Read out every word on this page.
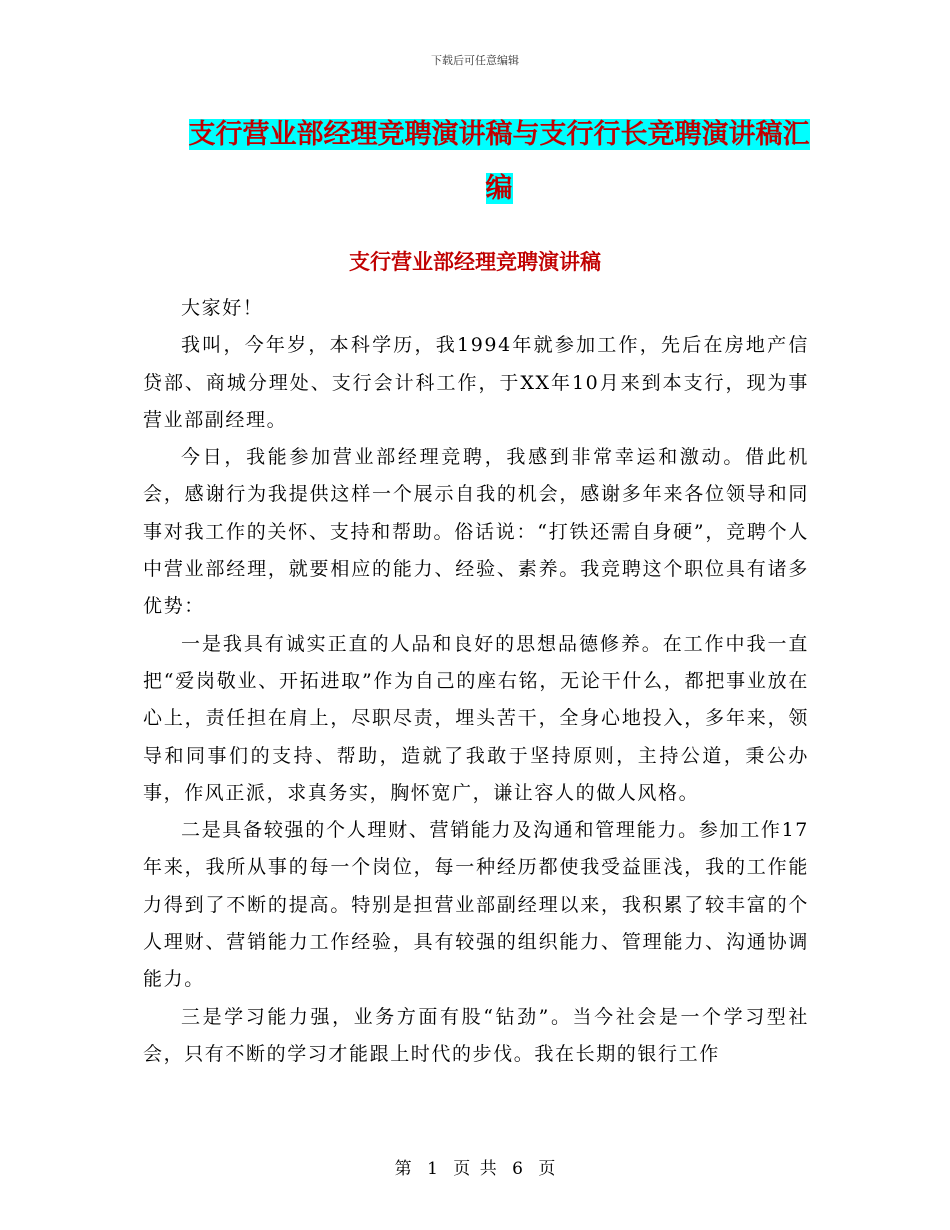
下载后可任意编辑
支行营业部经理竞聘演讲稿与支行行长竞聘演讲稿汇编
支行营业部经理竞聘演讲稿

大家好！

我叫，今年岁，本科学历，我1994年就参加工作，先后在房地产信贷部、商城分理处、支行会计科工作，于XX年10月来到本支行，现为事营业部副经理。

今日，我能参加营业部经理竞聘，我感到非常幸运和激动。借此机会，感谢行为我提供这样一个展示自我的机会，感谢多年来各位领导和同事对我工作的关怀、支持和帮助。俗话说：“打铁还需自身硬”，竞聘个人中营业部经理，就要相应的能力、经验、素养。我竞聘这个职位具有诸多优势：

一是我具有诚实正直的人品和良好的思想品德修养。在工作中我一直把“爱岗敬业、开拓进取”作为自己的座右铭，无论干什么，都把事业放在心上，责任担在肩上，尽职尽责，埋头苦干，全身心地投入，多年来，领导和同事们的支持、帮助，造就了我敢于坚持原则，主持公道，秉公办事，作风正派，求真务实，胸怀宽广，谦让容人的做人风格。

二是具备较强的个人理财、营销能力及沟通和管理能力。参加工作17年来，我所从事的每一个岗位，每一种经历都使我受益匪浅，我的工作能力得到了不断的提高。特别是担营业部副经理以来，我积累了较丰富的个人理财、营销能力工作经验，具有较强的组织能力、管理能力、沟通协调能力。

三是学习能力强，业务方面有股“钻劲”。当今社会是一个学习型社会，只有不断的学习才能跟上时代的步伐。我在长期的银行工作

第 1 页 共 6 页
